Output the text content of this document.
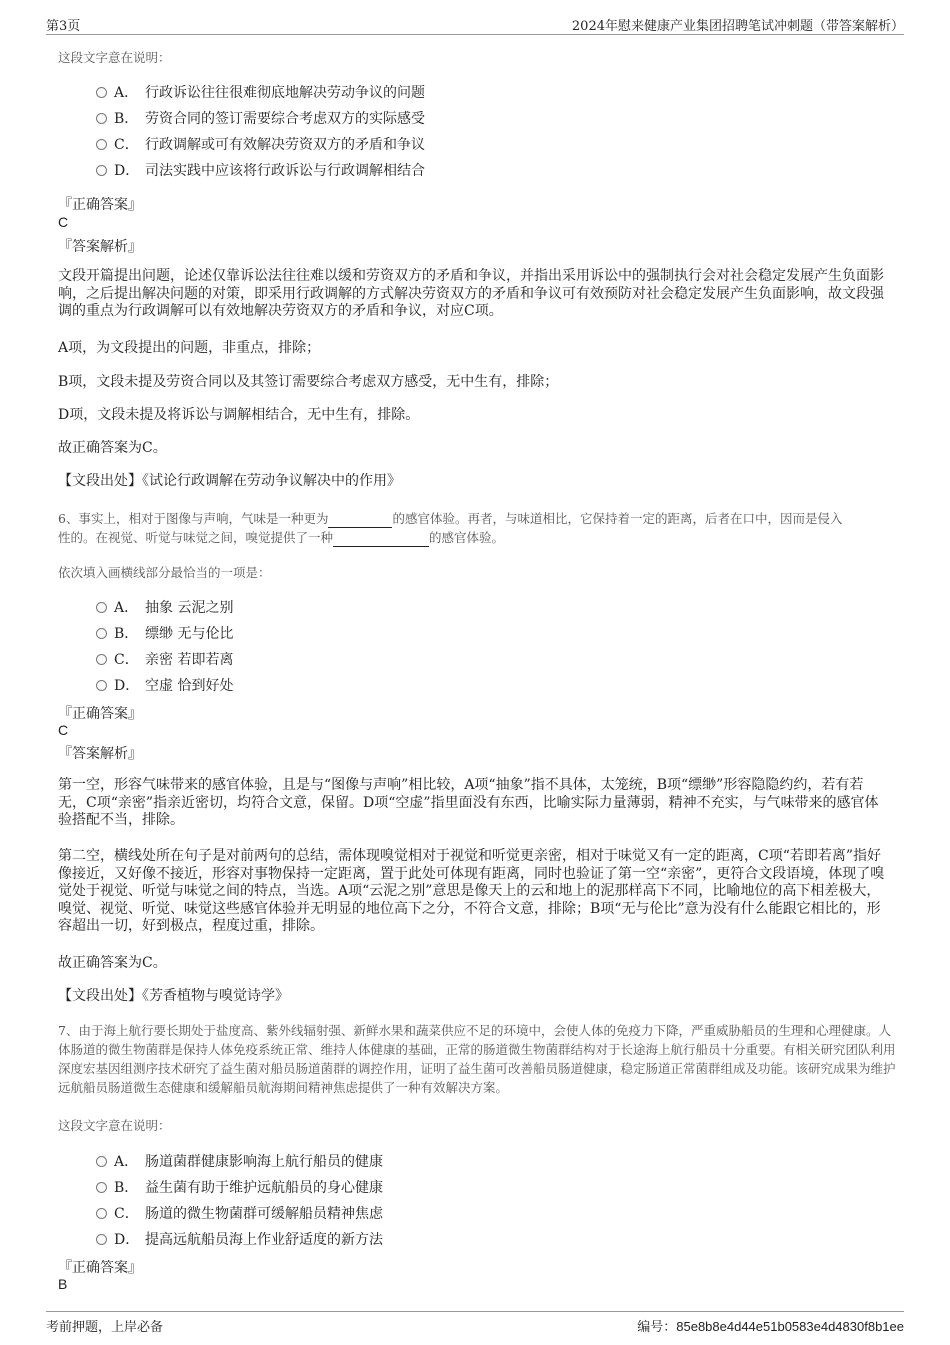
第3页	2024年慰来健康产业集团招聘笔试冲刺题（带答案解析）
这段文字意在说明：
A． 行政诉讼往往很难彻底地解决劳动争议的问题
B． 劳资合同的签订需要综合考虑双方的实际感受
C． 行政调解或可有效解决劳资双方的矛盾和争议
D． 司法实践中应该将行政诉讼与行政调解相结合
『正确答案』
C
『答案解析』
文段开篇提出问题，论述仅靠诉讼法往往难以缓和劳资双方的矛盾和争议，并指出采用诉讼中的强制执行会对社会稳定发展产生负面影响，之后提出解决问题的对策，即采用行政调解的方式解决劳资双方的矛盾和争议可有效预防对社会稳定发展产生负面影响，故文段强调的重点为行政调解可以有效地解决劳资双方的矛盾和争议，对应C项。
A项，为文段提出的问题，非重点，排除；
B项，文段未提及劳资合同以及其签订需要综合考虑双方感受，无中生有，排除；
D项，文段未提及将诉讼与调解相结合，无中生有，排除。
故正确答案为C。
【文段出处】《试论行政调解在劳动争议解决中的作用》
6、事实上，相对于图像与声响，气味是一种更为	的感官体验。再者，与味道相比，它保持着一定的距离，后者在口中，因而是侵入
性的。在视觉、听觉与味觉之间，嗅觉提供了一种	的感官体验。
依次填入画横线部分最恰当的一项是：
A． 抽象 云泥之别
B． 缥缈 无与伦比
C． 亲密 若即若离
D． 空虚 恰到好处
『正确答案』
C
『答案解析』
第一空，形容气味带来的感官体验，且是与“图像与声响”相比较，A项“抽象”指不具体，太笼统，B项“缥缈”形容隐隐约约，若有若无，C项“亲密”指亲近密切，均符合文意，保留。D项“空虚”指里面没有东西，比喻实际力量薄弱，精神不充实，与气味带来的感官体验搭配不当，排除。
第二空，横线处所在句子是对前两句的总结，需体现嗅觉相对于视觉和听觉更亲密，相对于味觉又有一定的距离，C项“若即若离”指好像接近，又好像不接近，形容对事物保持一定距离，置于此处可体现有距离，同时也验证了第一空“亲密”，更符合文段语境，体现了嗅觉处于视觉、听觉与味觉之间的特点，当选。A项“云泥之别”意思是像天上的云和地上的泥那样高下不同，比喻地位的高下相差极大，嗅觉、视觉、听觉、味觉这些感官体验并无明显的地位高下之分，不符合文意，排除；B项“无与伦比”意为没有什么能跟它相比的，形容超出一切，好到极点，程度过重，排除。
故正确答案为C。
【文段出处】《芳香植物与嗅觉诗学》
7、由于海上航行要长期处于盐度高、紫外线辐射强、新鲜水果和蔬菜供应不足的环境中，会使人体的免疫力下降，严重威胁船员的生理和心理健康。人体肠道的微生物菌群是保持人体免疫系统正常、维持人体健康的基础，正常的肠道微生物菌群结构对于长途海上航行船员十分重要。有相关研究团队利用深度宏基因组测序技术研究了益生菌对船员肠道菌群的调控作用，证明了益生菌可改善船员肠道健康，稳定肠道正常菌群组成及功能。该研究成果为维护远航船员肠道微生态健康和缓解船员航海期间精神焦虑提供了一种有效解决方案。
这段文字意在说明：
A． 肠道菌群健康影响海上航行船员的健康
B． 益生菌有助于维护远航船员的身心健康
C． 肠道的微生物菌群可缓解船员精神焦虑
D． 提高远航船员海上作业舒适度的新方法
『正确答案』
B
考前押题，上岸必备	编号：85e8b8e4d44e51b0583e4d4830f8b1ee
